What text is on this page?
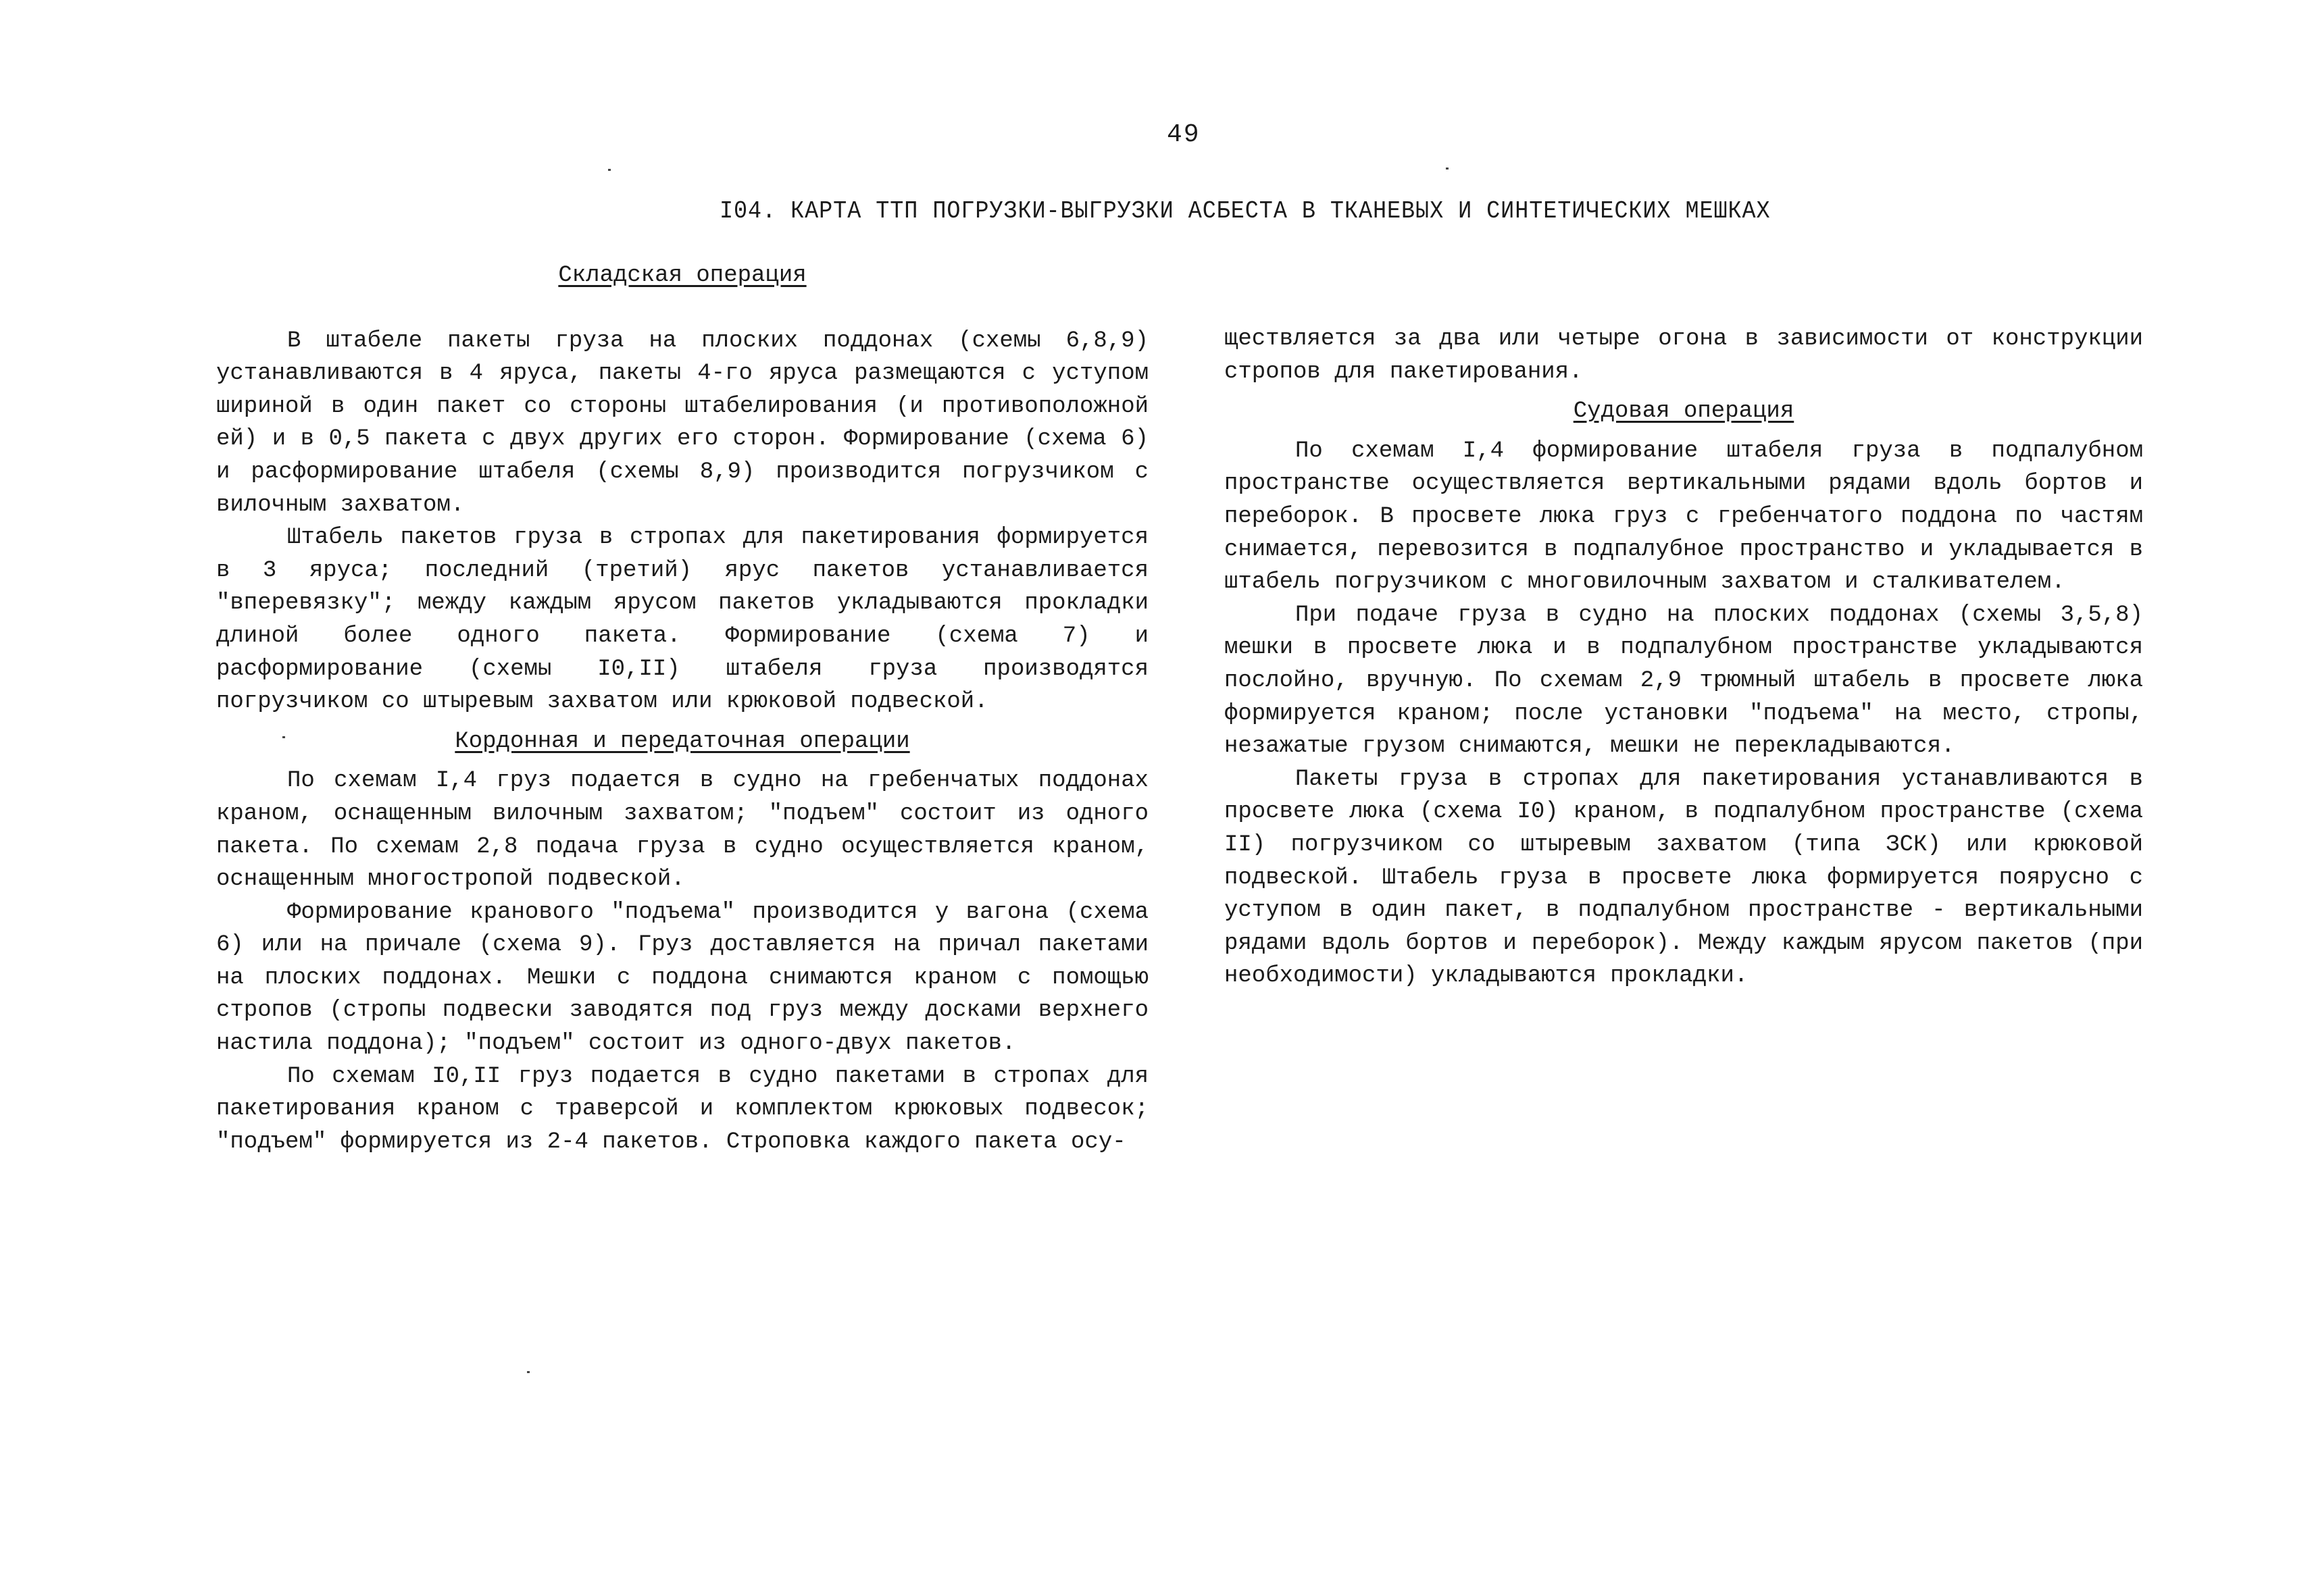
49
I04. КАРТА ТТП ПОГРУЗКИ-ВЫГРУЗКИ АСБЕСТА В ТКАНЕВЫХ И СИНТЕТИЧЕСКИХ МЕШКАХ
Складская операция

В штабеле пакеты груза на плоских поддонах (схемы 6,8,9) устанавливаются в 4 яруса, пакеты 4-го яруса размещаются с уступом шириной в один пакет со стороны штабелирования (и противоположной ей) и в 0,5 пакета с двух других его сторон. Формирование (схема 6) и расформирование штабеля (схемы 8,9) производится погрузчиком с вилочным захватом.

Штабель пакетов груза в стропах для пакетирования формируется в 3 яруса; последний (третий) ярус пакетов устанавливается "вперевязку"; между каждым ярусом пакетов укладываются прокладки длиной более одного пакета. Формирование (схема 7) и расформирование (схемы I0,II) штабеля груза производятся погрузчиком со штыревым захватом или крюковой подвеской.

Кордонная и передаточная операции

По схемам I,4 груз подается в судно на гребенчатых поддонах краном, оснащенным вилочным захватом; "подъем" состоит из одного пакета. По схемам 2,8 подача груза в судно осуществляется краном, оснащенным многостропой подвеской.

Формирование кранового "подъема" производится у вагона (схема 6) или на причале (схема 9). Груз доставляется на причал пакетами на плоских поддонах. Мешки с поддона снимаются краном с помощью стропов (стропы подвески заводятся под груз между досками верхнего настила поддона); "подъем" состоит из одного-двух пакетов.

По схемам I0,II груз подается в судно пакетами в стропах для пакетирования краном с траверсой и комплектом крюковых подвесок; "подъем" формируется из 2-4 пакетов. Строповка каждого пакета осу-

ществляется за два или четыре огона в зависимости от конструкции стропов для пакетирования.

Судовая операция

По схемам I,4 формирование штабеля груза в подпалубном пространстве осуществляется вертикальными рядами вдоль бортов и переборок. В просвете люка груз с гребенчатого поддона по частям снимается, перевозится в подпалубное пространство и укладывается в штабель погрузчиком с многовилочным захватом и сталкивателем.

При подаче груза в судно на плоских поддонах (схемы 3,5,8) мешки в просвете люка и в подпалубном пространстве укладываются послойно, вручную. По схемам 2,9 трюмный штабель в просвете люка формируется краном; после установки "подъема" на место, стропы, незажатые грузом снимаются, мешки не перекладываются.

Пакеты груза в стропах для пакетирования устанавливаются в просвете люка (схема I0) краном, в подпалубном пространстве (схема II) погрузчиком со штыревым захватом (типа ЗСК) или крюковой подвеской. Штабель груза в просвете люка формируется поярусно с уступом в один пакет, в подпалубном пространстве - вертикальными рядами вдоль бортов и переборок). Между каждым ярусом пакетов (при необходимости) укладываются прокладки.
